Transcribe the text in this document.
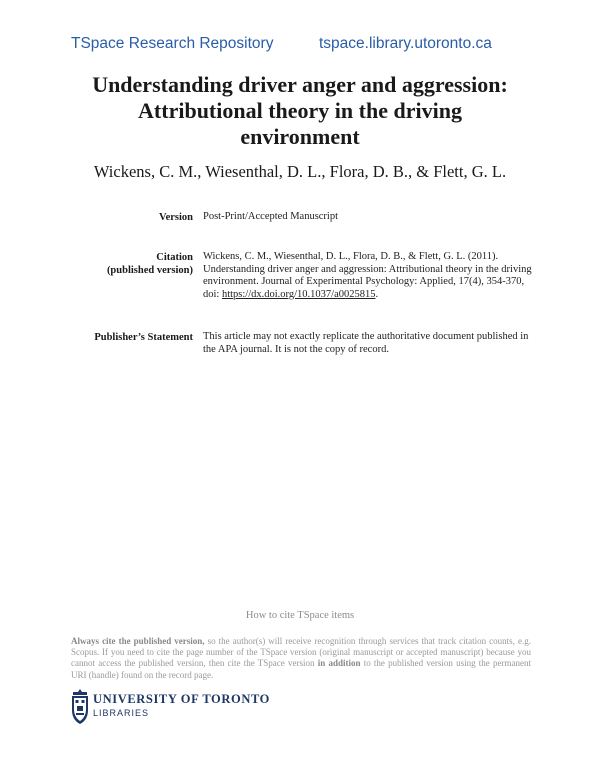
TSpace Research Repository	tspace.library.utoronto.ca
Understanding driver anger and aggression:
Attributional theory in the driving
environment

Wickens, C. M., Wiesenthal, D. L., Flora, D. B., & Flett, G. L.

Version Post-Print/Accepted Manuscript
Citation
(published version)
Wickens, C. M., Wiesenthal, D. L., Flora, D. B., & Flett, G. L. (2011). Understanding driver anger and aggression: Attributional theory in the driving environment. Journal of Experimental Psychology: Applied, 17(4), 354-370, doi: https://dx.doi.org/10.1037/a0025815.
Publisher’s Statement This article may not exactly replicate the authoritative document published in the APA journal. It is not the copy of record.
How to cite TSpace items

Always cite the published version, so the author(s) will receive recognition through services that track citation counts, e.g. Scopus. If you need to cite the page number of the TSpace version (original manuscript or accepted manuscript) because you cannot access the published version, then cite the TSpace version in addition to the published version using the permanent URI (handle) found on the record page.

UNIVERSITY OF TORONTO
LIBRARIES
